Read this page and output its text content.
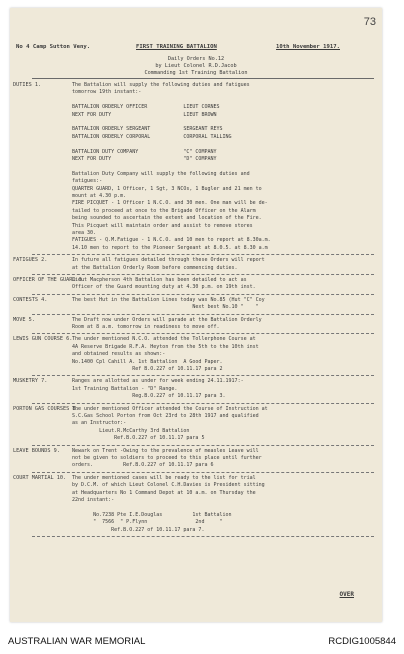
73
No 4 Camp Sutton Veny.	FIRST TRAINING BATTALION	10th November 1917.
Daily Orders No.12
by Lieut Colonel R.D.Jacob
Commanding 1st Training Battalion
DUTIES 1.	The Battalion will supply the following duties and fatigues
tomorrow 19th instant:-
BATTALION ORDERLY OFFICER            LIEUT CORNES
NEXT FOR DUTY                        LIEUT BROWN
BATTALION ORDERLY SERGEANT           SERGEANT REYS
BATTALION ORDERLY CORPORAL           CORPORAL TALLING
BATTALION DUTY COMPANY               "C" COMPANY
NEXT FOR DUTY                        "D" COMPANY
Battalion Duty Company will supply the following duties and
fatigues:-
QUARTER GUARD, 1 Officer, 1 Sgt, 3 NCOs, 1 Bugler and 21 men to
mount at 4.30 p.m.
FIRE PICQUET - 1 Officer 1 N.C.O. and 30 men. One man will be de-
tailed to proceed at once to the Brigade Officer on the Alarm
being sounded to ascertain the extent and location of the Fire.
This Picquet will maintain order and assist to remove stores
area 30.
FATIGUES - Q.M.Fatigue - 1 N.C.O. and 10 men to report at 8.30a.m.
14.10 men to report to the Pioneer Sergeant at 8.0.5. at 8.30 a.m
FATIGUES 2.	In future all fatigues detailed through these Orders will report
at the Battalion Orderly Room before commencing duties.
OFFICER OF THE GUARD 3.
Lieut Macpherson 4th Battalion has been detailed to act as
Officer of the Guard mounting duty at 4.30 p.m. on 19th inst.
CONTESTS 4.	The best Hut in the Battalion Lines today was No.85 (Hut "C" Coy
Next best No.10 "    "
MOVE 5.	The Draft now under Orders will parade at the Battalion Orderly
Room at 8 a.m. tomorrow in readiness to move off.
LEWIS GUN COURSE 6. The under mentioned N.C.O. attended the Tollerphone Course at
4A Reserve Brigade R.F.A. Heyton from the 5th to the 10th inst
and obtained results as shown:-
No.1400 Cpl Cahill A. 1st Battalion  A Good Paper.
Ref B.O.227 of 10.11.17 para 2
MUSKETRY 7.	Ranges are allotted as under for week ending 24.11.1917:-
1st Training Battalion - "D" Range.
Reg.B.O.227 of 10.11.17 para 3.
PORTON GAS COURSES 8.
The under mentioned Officer attended the Course of Instruction at
S.C.Gas School Porton from Oct 23rd to 28th 1917 and qualified
as an Instructor:-
Lieut.R.McCarthy 3rd Battalion
Ref.B.O.227 of 10.11.17 para 5
LEAVE BOUNDS 9. Newark on Trent -Owing to the prevalence of measles Leave will
not be given to soldiers to proceed to this place until further
orders.          Ref.B.O.227 of 10.11.17 para 6
COURT MARTIAL 10. The under mentioned cases will be ready to the list for trial
by D.C.M. of which Lieut Colonel C.H.Davies is President sitting
at Headquarters No 1 Command Depot at 10 a.m. on Thursday the
22nd instant:-
No.7238 Pte I.E.Douglas          1st Battalion
"  7566  " P.Flynn                2nd     "
Ref.B.O.227 of 10.11.17 para 7.
OVER
AUSTRALIAN WAR MEMORIAL	RCDIG1005844
